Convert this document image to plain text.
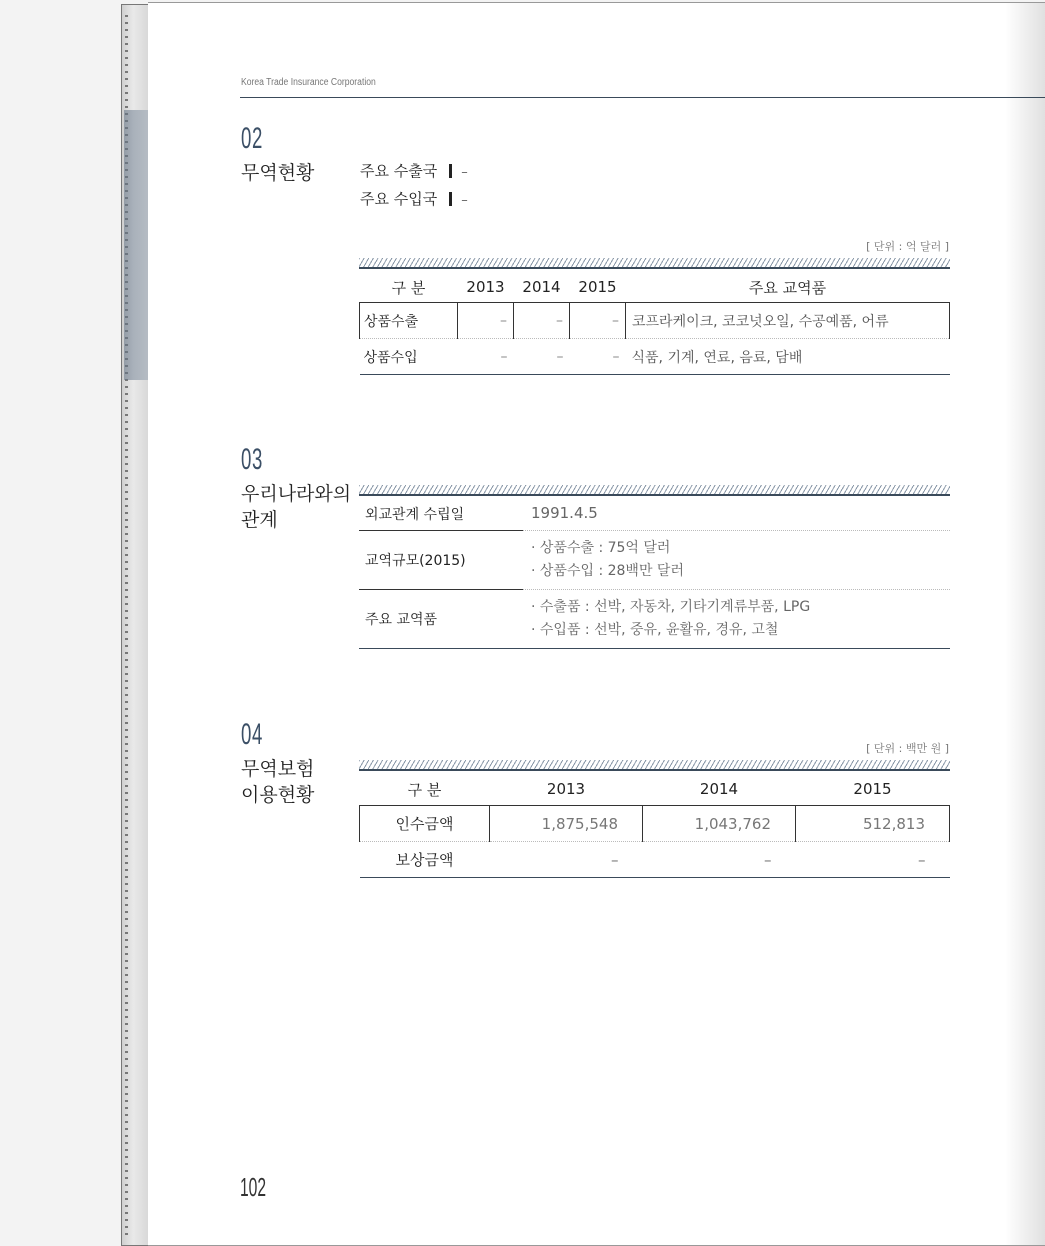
Korea Trade Insurance Corporation
02
무역현황	주요 수출국 –
주요 수입국 –
[ 단위 : 억 달러 ]
구 분	2013	2014	2015	주요 교역품
상품수출	–	–	–	코프라케이크, 코코넛오일, 수공예품, 어류
상품수입	–	–	–	식품, 기계, 연료, 음료, 담배
03
우리나라와의
관계	외교관계 수립일	1991.4.5
교역규모(2015)	· 상품수출 : 75억 달러
· 상품수입 : 28백만 달러

주요 교역품	· 수출품 : 선박, 자동차, 기타기계류부품, LPG
· 수입품 : 선박, 중유, 윤활유, 경유, 고철
04
무역보험
이용현황
[ 단위 : 백만 원 ]
구 분	2013	2014	2015
인수금액	1,875,548	1,043,762	512,813
보상금액	–	–	–
102
